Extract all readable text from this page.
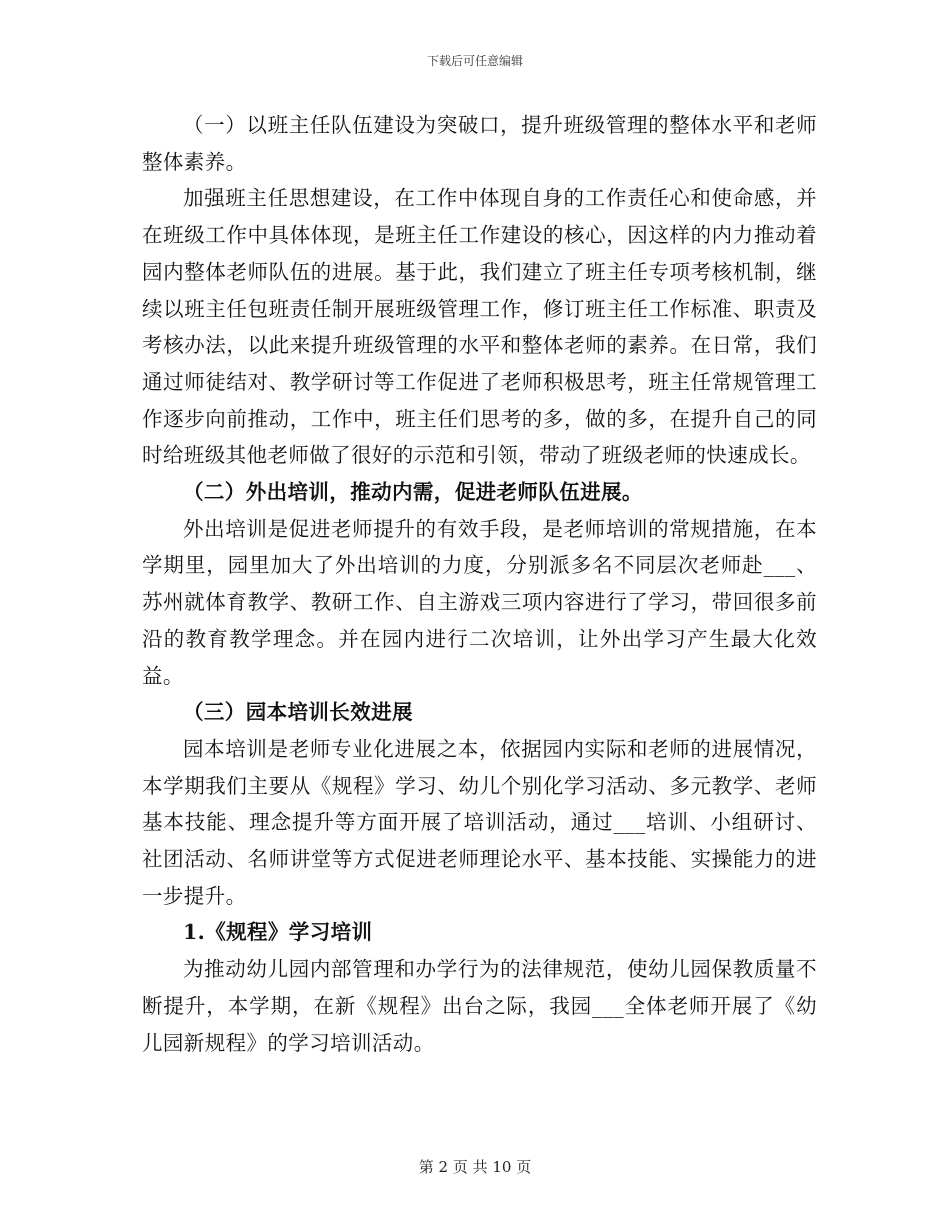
下载后可任意编辑

（一）以班主任队伍建设为突破口，提升班级管理的整体水平和老师整体素养。

加强班主任思想建设，在工作中体现自身的工作责任心和使命感，并在班级工作中具体体现，是班主任工作建设的核心，因这样的内力推动着园内整体老师队伍的进展。基于此，我们建立了班主任专项考核机制，继续以班主任包班责任制开展班级管理工作，修订班主任工作标准、职责及考核办法，以此来提升班级管理的水平和整体老师的素养。在日常，我们通过师徒结对、教学研讨等工作促进了老师积极思考，班主任常规管理工作逐步向前推动，工作中，班主任们思考的多，做的多，在提升自己的同时给班级其他老师做了很好的示范和引领，带动了班级老师的快速成长。

（二）外出培训，推动内需，促进老师队伍进展。

外出培训是促进老师提升的有效手段，是老师培训的常规措施，在本学期里，园里加大了外出培训的力度，分别派多名不同层次老师赴___、苏州就体育教学、教研工作、自主游戏三项内容进行了学习，带回很多前沿的教育教学理念。并在园内进行二次培训，让外出学习产生最大化效益。

（三）园本培训长效进展

园本培训是老师专业化进展之本，依据园内实际和老师的进展情况，本学期我们主要从《规程》学习、幼儿个别化学习活动、多元教学、老师基本技能、理念提升等方面开展了培训活动，通过___培训、小组研讨、社团活动、名师讲堂等方式促进老师理论水平、基本技能、实操能力的进一步提升。

1.《规程》学习培训

为推动幼儿园内部管理和办学行为的法律规范，使幼儿园保教质量不断提升，本学期，在新《规程》出台之际，我园___全体老师开展了《幼儿园新规程》的学习培训活动。

第 2 页 共 10 页
